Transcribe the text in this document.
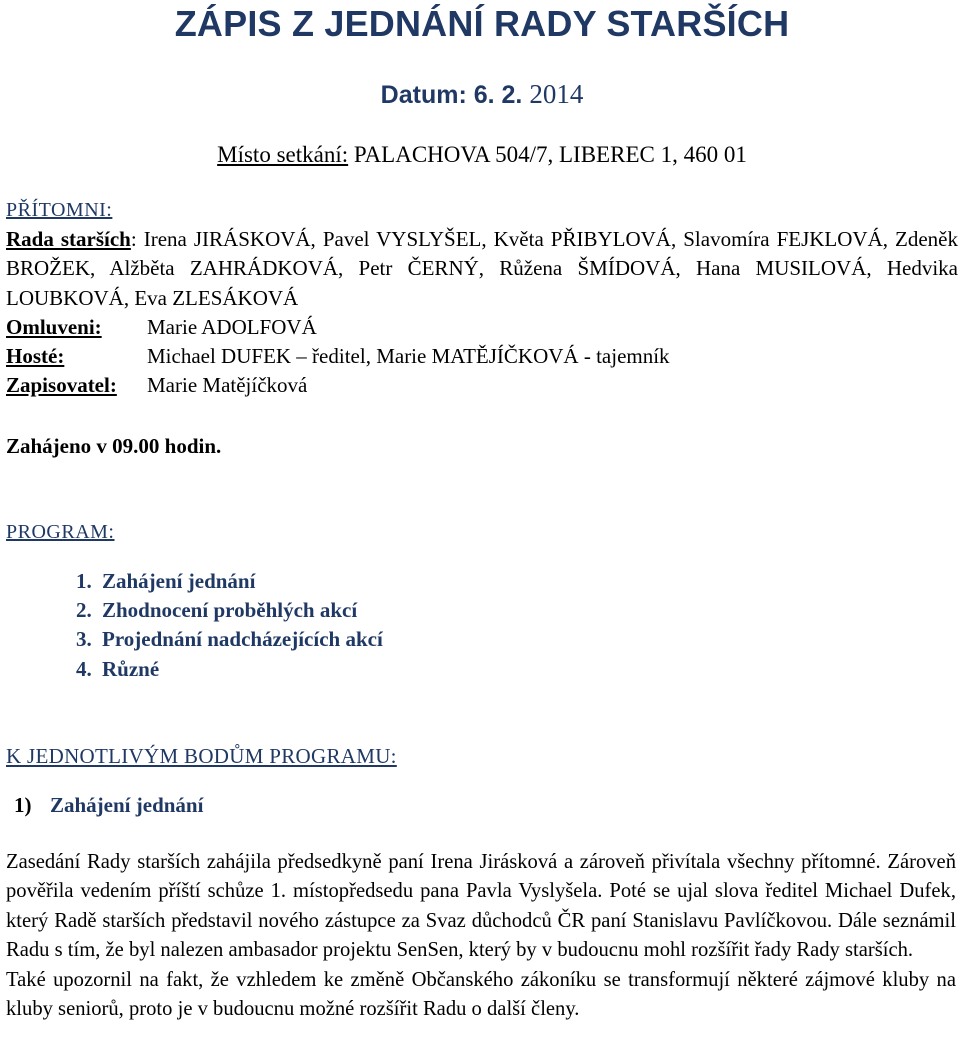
ZÁPIS Z JEDNÁNÍ RADY STARŠÍCH
Datum: 6. 2. 2014
Místo setkání: PALACHOVA 504/7, LIBEREC 1, 460 01
PŘÍTOMNI:
Rada starších: Irena JIRÁSKOVÁ, Pavel VYSLYŠEL, Květa PŘIBYLOVÁ, Slavomíra FEJKLOVÁ, Zdeněk BROŽEK, Alžběta ZAHRÁDKOVÁ, Petr ČERNÝ, Růžena ŠMÍDOVÁ, Hana MUSILOVÁ, Hedvika LOUBKOVÁ, Eva ZLESÁKOVÁ
Omluveni:	Marie ADOLFOVÁ
Hosté:	Michael DUFEK – ředitel, Marie MATĚJÍČKOVÁ - tajemník
Zapisovatel:	Marie Matějíčková
Zahájeno v 09.00 hodin.
PROGRAM:
1. Zahájení jednání
2. Zhodnocení proběhlých akcí
3. Projednání nadcházejících akcí
4. Různé
K JEDNOTLIVÝM BODŮM PROGRAMU:
1) Zahájení jednání

Zasedání Rady starších zahájila předsedkyně paní Irena Jirásková a zároveň přivítala všechny přítomné. Zároveň pověřila vedením příští schůze 1. místopředsedu pana Pavla Vyslyšela. Poté se ujal slova ředitel Michael Dufek, který Radě starších představil nového zástupce za Svaz důchodců ČR paní Stanislavu Pavlíčkovou. Dále seznámil Radu s tím, že byl nalezen ambasador projektu SenSen, který by v budoucnu mohl rozšířit řady Rady starších.

Také upozornil na fakt, že vzhledem ke změně Občanského zákoníku se transformují některé zájmové kluby na kluby seniorů, proto je v budoucnu možné rozšířit Radu o další členy.
